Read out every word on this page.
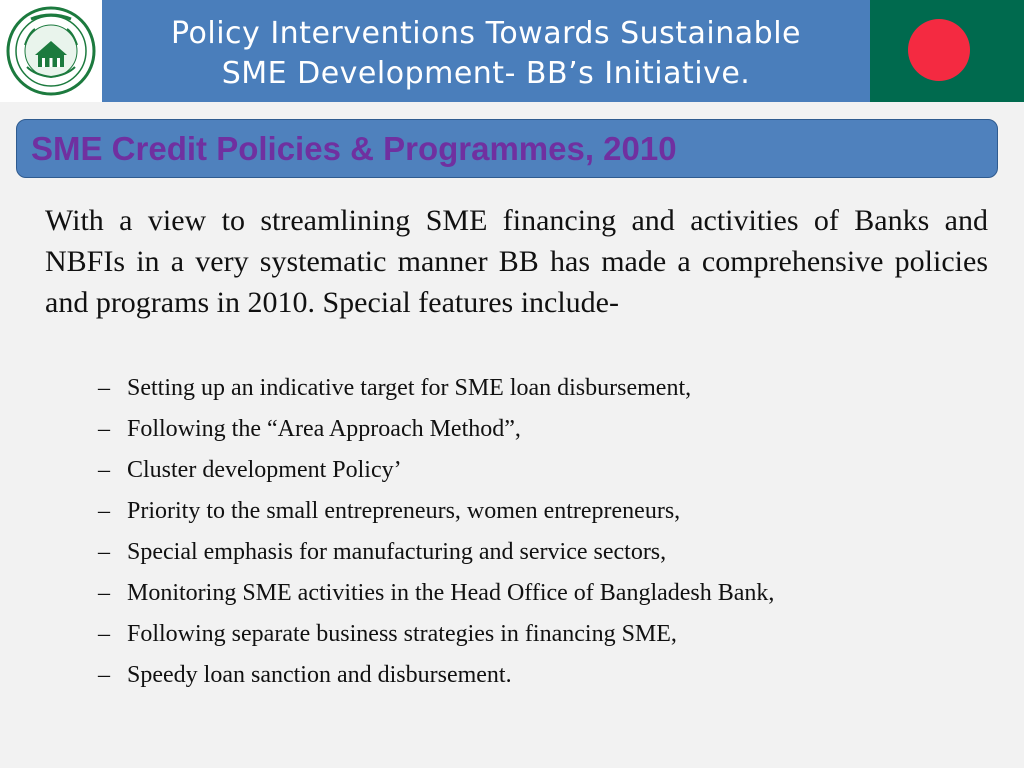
Policy Interventions Towards Sustainable
SME Development- BB’s Initiative.
SME Credit Policies & Programmes, 2010

With a view to streamlining SME financing and activities of Banks and NBFIs in a very systematic manner BB has made a comprehensive policies and programs in 2010. Special features include-

– Setting up an indicative target for SME loan disbursement,
– Following the “Area Approach Method”,
– Cluster development Policy’
– Priority to the small entrepreneurs, women entrepreneurs,
– Special emphasis for manufacturing and service sectors,
– Monitoring SME activities in the Head Office of Bangladesh Bank,
– Following separate business strategies in financing SME,
– Speedy loan sanction and disbursement.
